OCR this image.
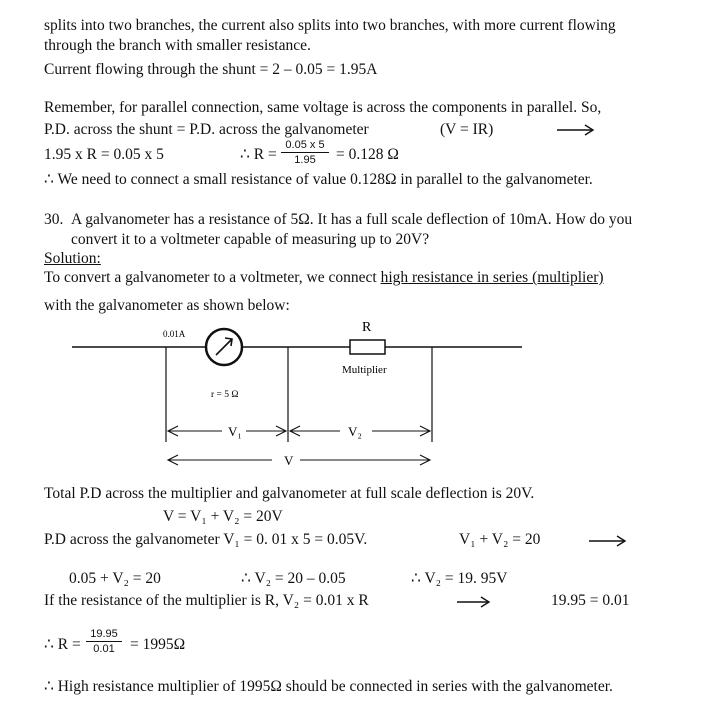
splits into two branches, the current also splits into two branches, with more current flowing
through the branch with smaller resistance.
Current flowing through the shunt = 2 – 0.05 = 1.95A
Remember, for parallel connection, same voltage is across the components in parallel. So,
P.D. across the shunt = P.D. across the galvanometer	(V = IR)
1.95 x R = 0.05 x 5	∴ $R = \frac{0.05 x 5}{1.95} = 0.128$ Ω
∴ We need to connect a small resistance of value 0.128Ω in parallel to the galvanometer.
30. A galvanometer has a resistance of 5Ω. It has a full scale deflection of 10mA. How do you
convert it to a voltmeter capable of measuring up to 20V?
Solution:
To convert a galvanometer to a voltmeter, we connect high resistance in series (multiplier)
with the galvanometer as shown below:
0.01A	R
Multiplier
r = 5 Ω
V₁	V₂
V
Total P.D across the multiplier and galvanometer at full scale deflection is 20V.
V = V₁ + V₂ = 20V
P.D across the galvanometer V₁ = 0. 01 x 5 = 0.05V.	V₁ + V₂ = 20
0.05 + V₂ = 20	∴ V₂ = 20 – 0.05	∴ V₂ = 19. 95V
If the resistance of the multiplier is R, V₂ = 0.01 x R	19.95 = 0.01
∴ $R = \frac{19.95}{0.01} = 1995\Omega$
∴ High resistance multiplier of 1995Ω should be connected in series with the galvanometer.
